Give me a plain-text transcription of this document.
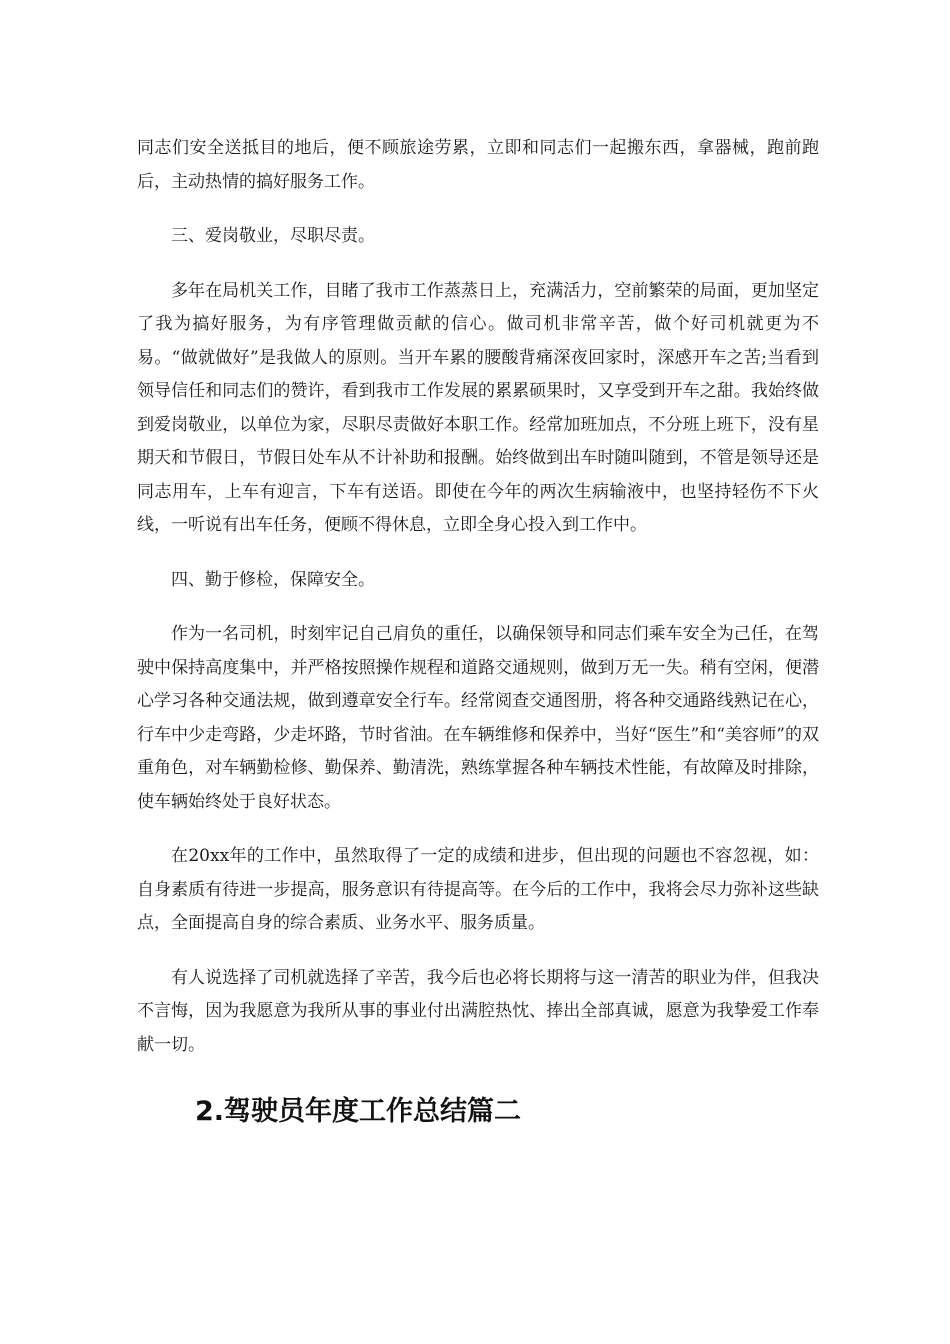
同志们安全送抵目的地后，便不顾旅途劳累，立即和同志们一起搬东西，拿器械，跑前跑后，主动热情的搞好服务工作。

三、爱岗敬业，尽职尽责。

多年在局机关工作，目睹了我市工作蒸蒸日上，充满活力，空前繁荣的局面，更加坚定了我为搞好服务，为有序管理做贡献的信心。做司机非常辛苦，做个好司机就更为不易。“做就做好”是我做人的原则。当开车累的腰酸背痛深夜回家时，深感开车之苦;当看到领导信任和同志们的赞许，看到我市工作发展的累累硕果时，又享受到开车之甜。我始终做到爱岗敬业，以单位为家，尽职尽责做好本职工作。经常加班加点，不分班上班下，没有星期天和节假日，节假日处车从不计补助和报酬。始终做到出车时随叫随到，不管是领导还是同志用车，上车有迎言，下车有送语。即使在今年的两次生病输液中，也坚持轻伤不下火线，一听说有出车任务，便顾不得休息，立即全身心投入到工作中。

四、勤于修检，保障安全。

作为一名司机，时刻牢记自己肩负的重任，以确保领导和同志们乘车安全为己任，在驾驶中保持高度集中，并严格按照操作规程和道路交通规则，做到万无一失。稍有空闲，便潜心学习各种交通法规，做到遵章安全行车。经常阅查交通图册，将各种交通路线熟记在心，行车中少走弯路，少走坏路，节时省油。在车辆维修和保养中，当好“医生”和“美容师”的双重角色，对车辆勤检修、勤保养、勤清洗，熟练掌握各种车辆技术性能，有故障及时排除，使车辆始终处于良好状态。

在20xx年的工作中，虽然取得了一定的成绩和进步，但出现的问题也不容忽视，如：自身素质有待进一步提高，服务意识有待提高等。在今后的工作中，我将会尽力弥补这些缺点，全面提高自身的综合素质、业务水平、服务质量。

有人说选择了司机就选择了辛苦，我今后也必将长期将与这一清苦的职业为伴，但我决不言悔，因为我愿意为我所从事的事业付出满腔热忱、捧出全部真诚，愿意为我挚爱工作奉献一切。

2.驾驶员年度工作总结篇二
